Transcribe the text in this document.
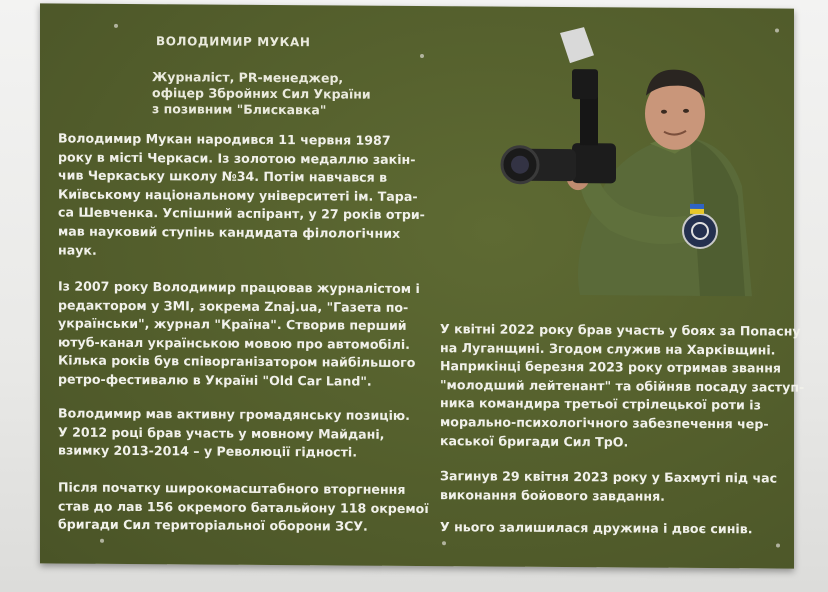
ВОЛОДИМИР МУКАН
Журналіст, PR-менеджер,
офіцер Збройних Сил України
з позивним "Блискавка"
Володимир Мукан народився 11 червня 1987
року в місті Черкаси. Із золотою медаллю закін-
чив Черкаську школу №34. Потім навчався в
Київському національному університеті ім. Тара-
са Шевченка. Успішний аспірант, у 27 років отри-
мав науковий ступінь кандидата філологічних
наук.
Із 2007 року Володимир працював журналістом і
редактором у ЗМІ, зокрема Znaj.ua, "Газета по-
українськи", журнал "Країна". Створив перший
ютуб-канал українською мовою про автомобілі.
Кілька років був співорганізатором найбільшого
ретро-фестивалю в Україні "Old Car Land".
Володимир мав активну громадянську позицію.
У 2012 році брав участь у мовному Майдані,
взимку 2013-2014 – у Революції гідності.
Після початку широкомасштабного вторгнення
став до лав 156 окремого батальйону 118 окремої
бригади Сил територіальної оборони ЗСУ.
У квітні 2022 року брав участь у боях за Попасну
на Луганщині. Згодом служив на Харківщині.
Наприкінці березня 2023 року отримав звання
"молодший лейтенант" та обійняв посаду заступ-
ника командира третьої стрілецької роти із
морально-психологічного забезпечення чер-
каської бригади Сил ТрО.
Загинув 29 квітня 2023 року у Бахмуті під час
виконання бойового завдання.
У нього залишилася дружина і двоє синів.
